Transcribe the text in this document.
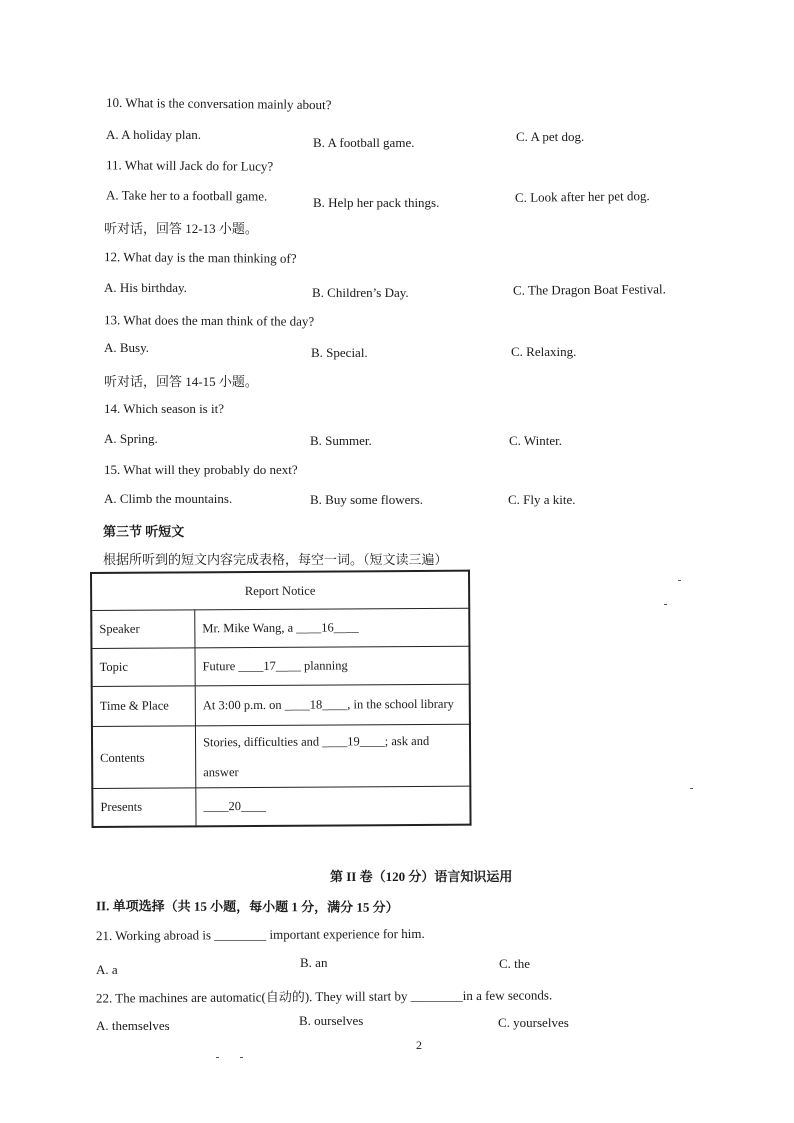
10. What is the conversation mainly about?
A. A holiday plan.
B. A football game.	C. A pet dog.
11. What will Jack do for Lucy?
A. Take her to a football game.	B. Help her pack things.	C. Look after her pet dog.
听对话，回答 12-13 小题。
12. What day is the man thinking of?
A. His birthday.	B. Children’s Day.	C. The Dragon Boat Festival.
13. What does the man think of the day?
A. Busy.	B. Special.	C. Relaxing.
听对话，回答 14-15 小题。
14. Which season is it?
A. Spring.	B. Summer.	C. Winter.
15. What will they probably do next?
A. Climb the mountains.	B. Buy some flowers.	C. Fly a kite.
第三节 听短文
根据所听到的短文内容完成表格，每空一词。（短文读三遍）
Report Notice	
Speaker	Mr. Mike Wang, a ____16____
Topic	Future ____17____ planning
Time & Place	At 3:00 p.m. on ____18____, in the school library
Contents	Stories, difficulties and ____19____; ask and answer
Presents	____20____
第 II 卷（120 分）语言知识运用
II. 单项选择（共 15 小题，每小题 1 分，满分 15 分）
21. Working abroad is ________ important experience for him.
A. a	B. an	C. the
22. The machines are automatic(自动的). They will start by ________in a few seconds.
A. themselves	B. ourselves	C. yourselves
2
